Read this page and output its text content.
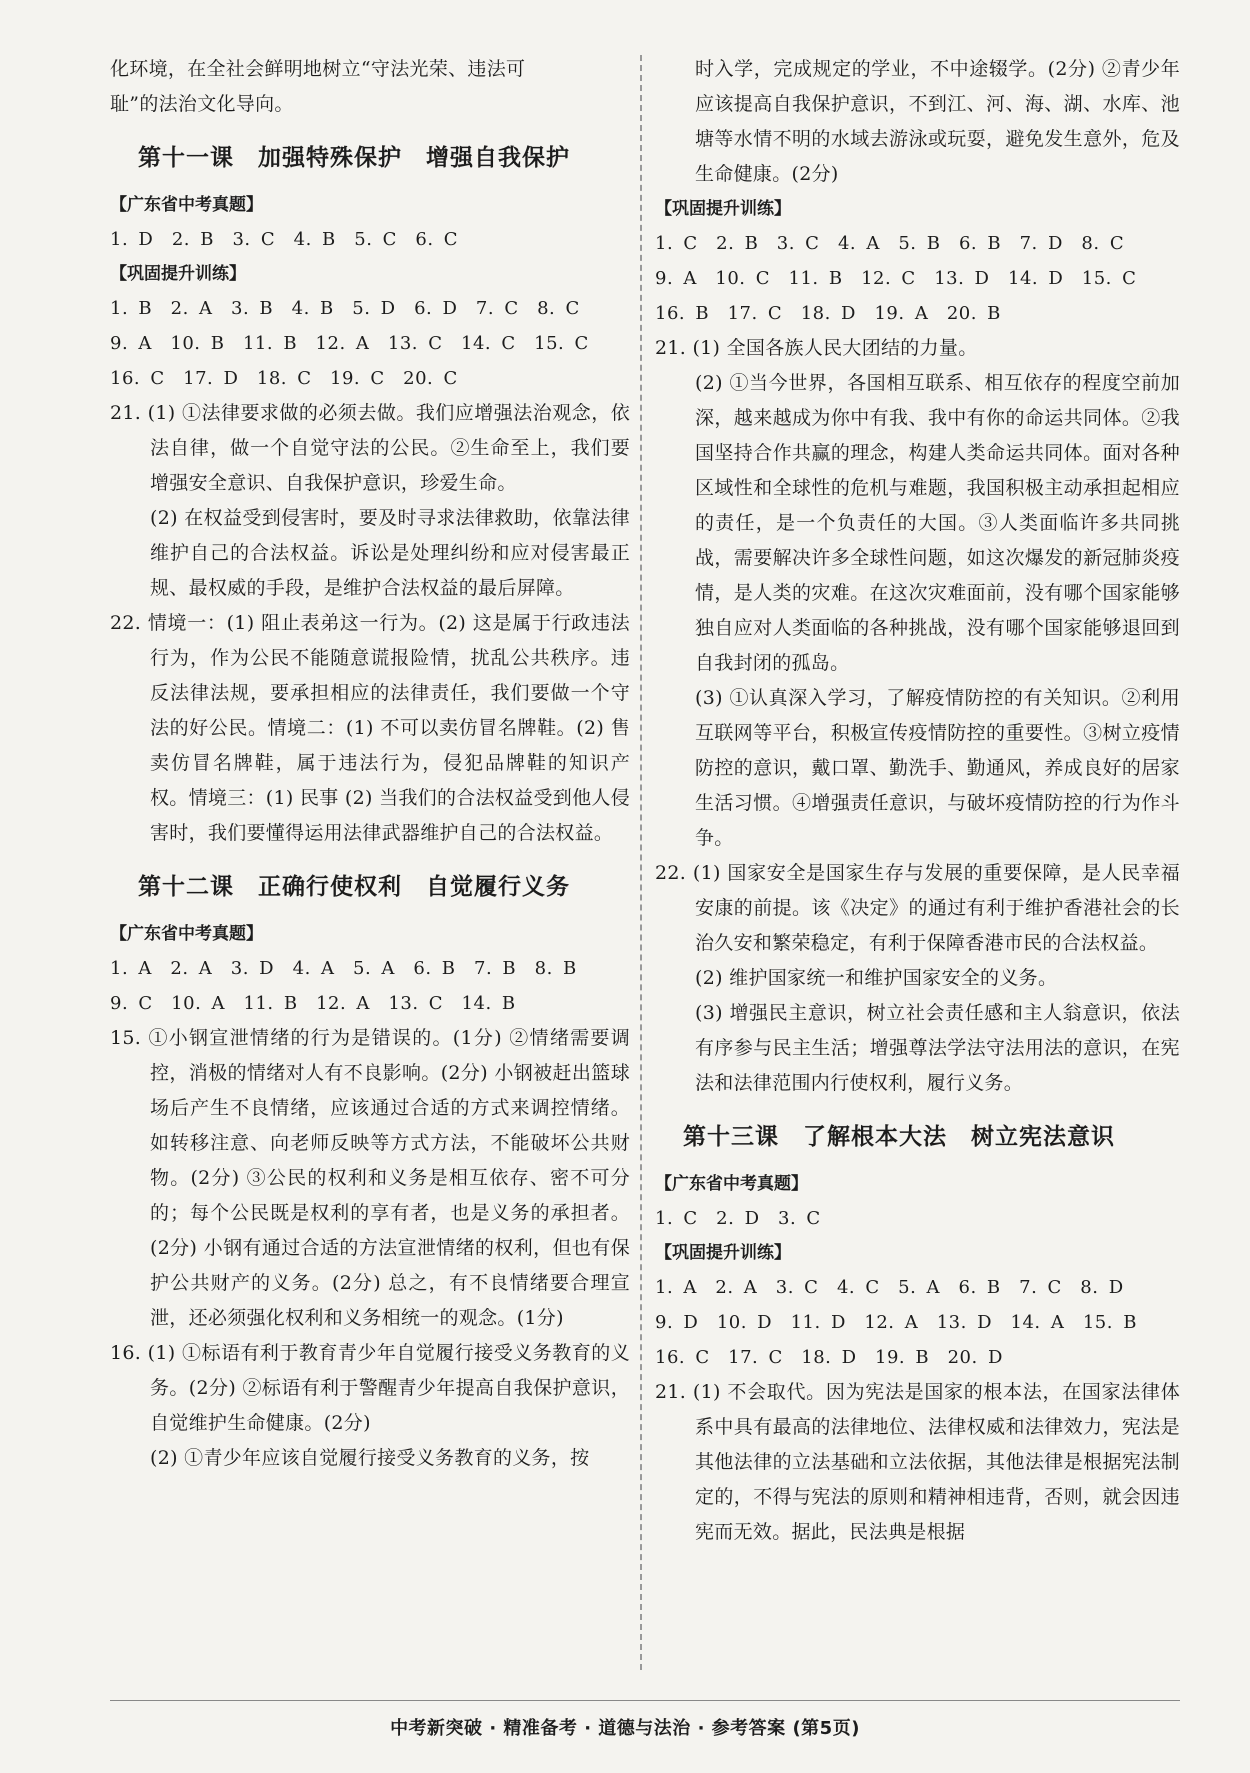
化环境，在全社会鲜明地树立“守法光荣、违法可

耻”的法治文化导向。

第十一课　加强特殊保护　增强自我保护

【广东省中考真题】

1. D　2. B　3. C　4. B　5. C　6. C

【巩固提升训练】

1. B　2. A　3. B　4. B　5. D　6. D　7. C　8. C

9. A　10. B　11. B　12. A　13. C　14. C　15. C

16. C　17. D　18. C　19. C　20. C

21. (1) ①法律要求做的必须去做。我们应增强法治观念，依法自律，做一个自觉守法的公民。②生命至上，我们要增强安全意识、自我保护意识，珍爱生命。

(2) 在权益受到侵害时，要及时寻求法律救助，依靠法律维护自己的合法权益。诉讼是处理纠纷和应对侵害最正规、最权威的手段，是维护合法权益的最后屏障。

22. 情境一：(1) 阻止表弟这一行为。(2) 这是属于行政违法行为，作为公民不能随意谎报险情，扰乱公共秩序。违反法律法规，要承担相应的法律责任，我们要做一个守法的好公民。情境二：(1) 不可以卖仿冒名牌鞋。(2) 售卖仿冒名牌鞋，属于违法行为，侵犯品牌鞋的知识产权。情境三：(1) 民事 (2) 当我们的合法权益受到他人侵害时，我们要懂得运用法律武器维护自己的合法权益。

第十二课　正确行使权利　自觉履行义务

【广东省中考真题】

1. A　2. A　3. D　4. A　5. A　6. B　7. B　8. B

9. C　10. A　11. B　12. A　13. C　14. B

15. ①小钢宣泄情绪的行为是错误的。(1分) ②情绪需要调控，消极的情绪对人有不良影响。(2分) 小钢被赶出篮球场后产生不良情绪，应该通过合适的方式来调控情绪。如转移注意、向老师反映等方式方法，不能破坏公共财物。(2分) ③公民的权利和义务是相互依存、密不可分的；每个公民既是权利的享有者，也是义务的承担者。(2分) 小钢有通过合适的方法宣泄情绪的权利，但也有保护公共财产的义务。(2分) 总之，有不良情绪要合理宣泄，还必须强化权利和义务相统一的观念。(1分)

16. (1) ①标语有利于教育青少年自觉履行接受义务教育的义务。(2分) ②标语有利于警醒青少年提高自我保护意识，自觉维护生命健康。(2分)

(2) ①青少年应该自觉履行接受义务教育的义务，按

时入学，完成规定的学业，不中途辍学。(2分) ②青少年应该提高自我保护意识，不到江、河、海、湖、水库、池塘等水情不明的水域去游泳或玩耍，避免发生意外，危及生命健康。(2分)

【巩固提升训练】

1. C　2. B　3. C　4. A　5. B　6. B　7. D　8. C

9. A　10. C　11. B　12. C　13. D　14. D　15. C

16. B　17. C　18. D　19. A　20. B

21. (1) 全国各族人民大团结的力量。

(2) ①当今世界，各国相互联系、相互依存的程度空前加深，越来越成为你中有我、我中有你的命运共同体。②我国坚持合作共赢的理念，构建人类命运共同体。面对各种区域性和全球性的危机与难题，我国积极主动承担起相应的责任，是一个负责任的大国。③人类面临许多共同挑战，需要解决许多全球性问题，如这次爆发的新冠肺炎疫情，是人类的灾难。在这次灾难面前，没有哪个国家能够独自应对人类面临的各种挑战，没有哪个国家能够退回到自我封闭的孤岛。

(3) ①认真深入学习，了解疫情防控的有关知识。②利用互联网等平台，积极宣传疫情防控的重要性。③树立疫情防控的意识，戴口罩、勤洗手、勤通风，养成良好的居家生活习惯。④增强责任意识，与破坏疫情防控的行为作斗争。

22. (1) 国家安全是国家生存与发展的重要保障，是人民幸福安康的前提。该《决定》的通过有利于维护香港社会的长治久安和繁荣稳定，有利于保障香港市民的合法权益。

(2) 维护国家统一和维护国家安全的义务。

(3) 增强民主意识，树立社会责任感和主人翁意识，依法有序参与民主生活；增强尊法学法守法用法的意识，在宪法和法律范围内行使权利，履行义务。

第十三课　了解根本大法　树立宪法意识

【广东省中考真题】

1. C　2. D　3. C

【巩固提升训练】

1. A　2. A　3. C　4. C　5. A　6. B　7. C　8. D

9. D　10. D　11. D　12. A　13. D　14. A　15. B

16. C　17. C　18. D　19. B　20. D

21. (1) 不会取代。因为宪法是国家的根本法，在国家法律体系中具有最高的法律地位、法律权威和法律效力，宪法是其他法律的立法基础和立法依据，其他法律是根据宪法制定的，不得与宪法的原则和精神相违背，否则，就会因违宪而无效。据此，民法典是根据

中考新突破 · 精准备考 · 道德与法治 · 参考答案 (第5页)
